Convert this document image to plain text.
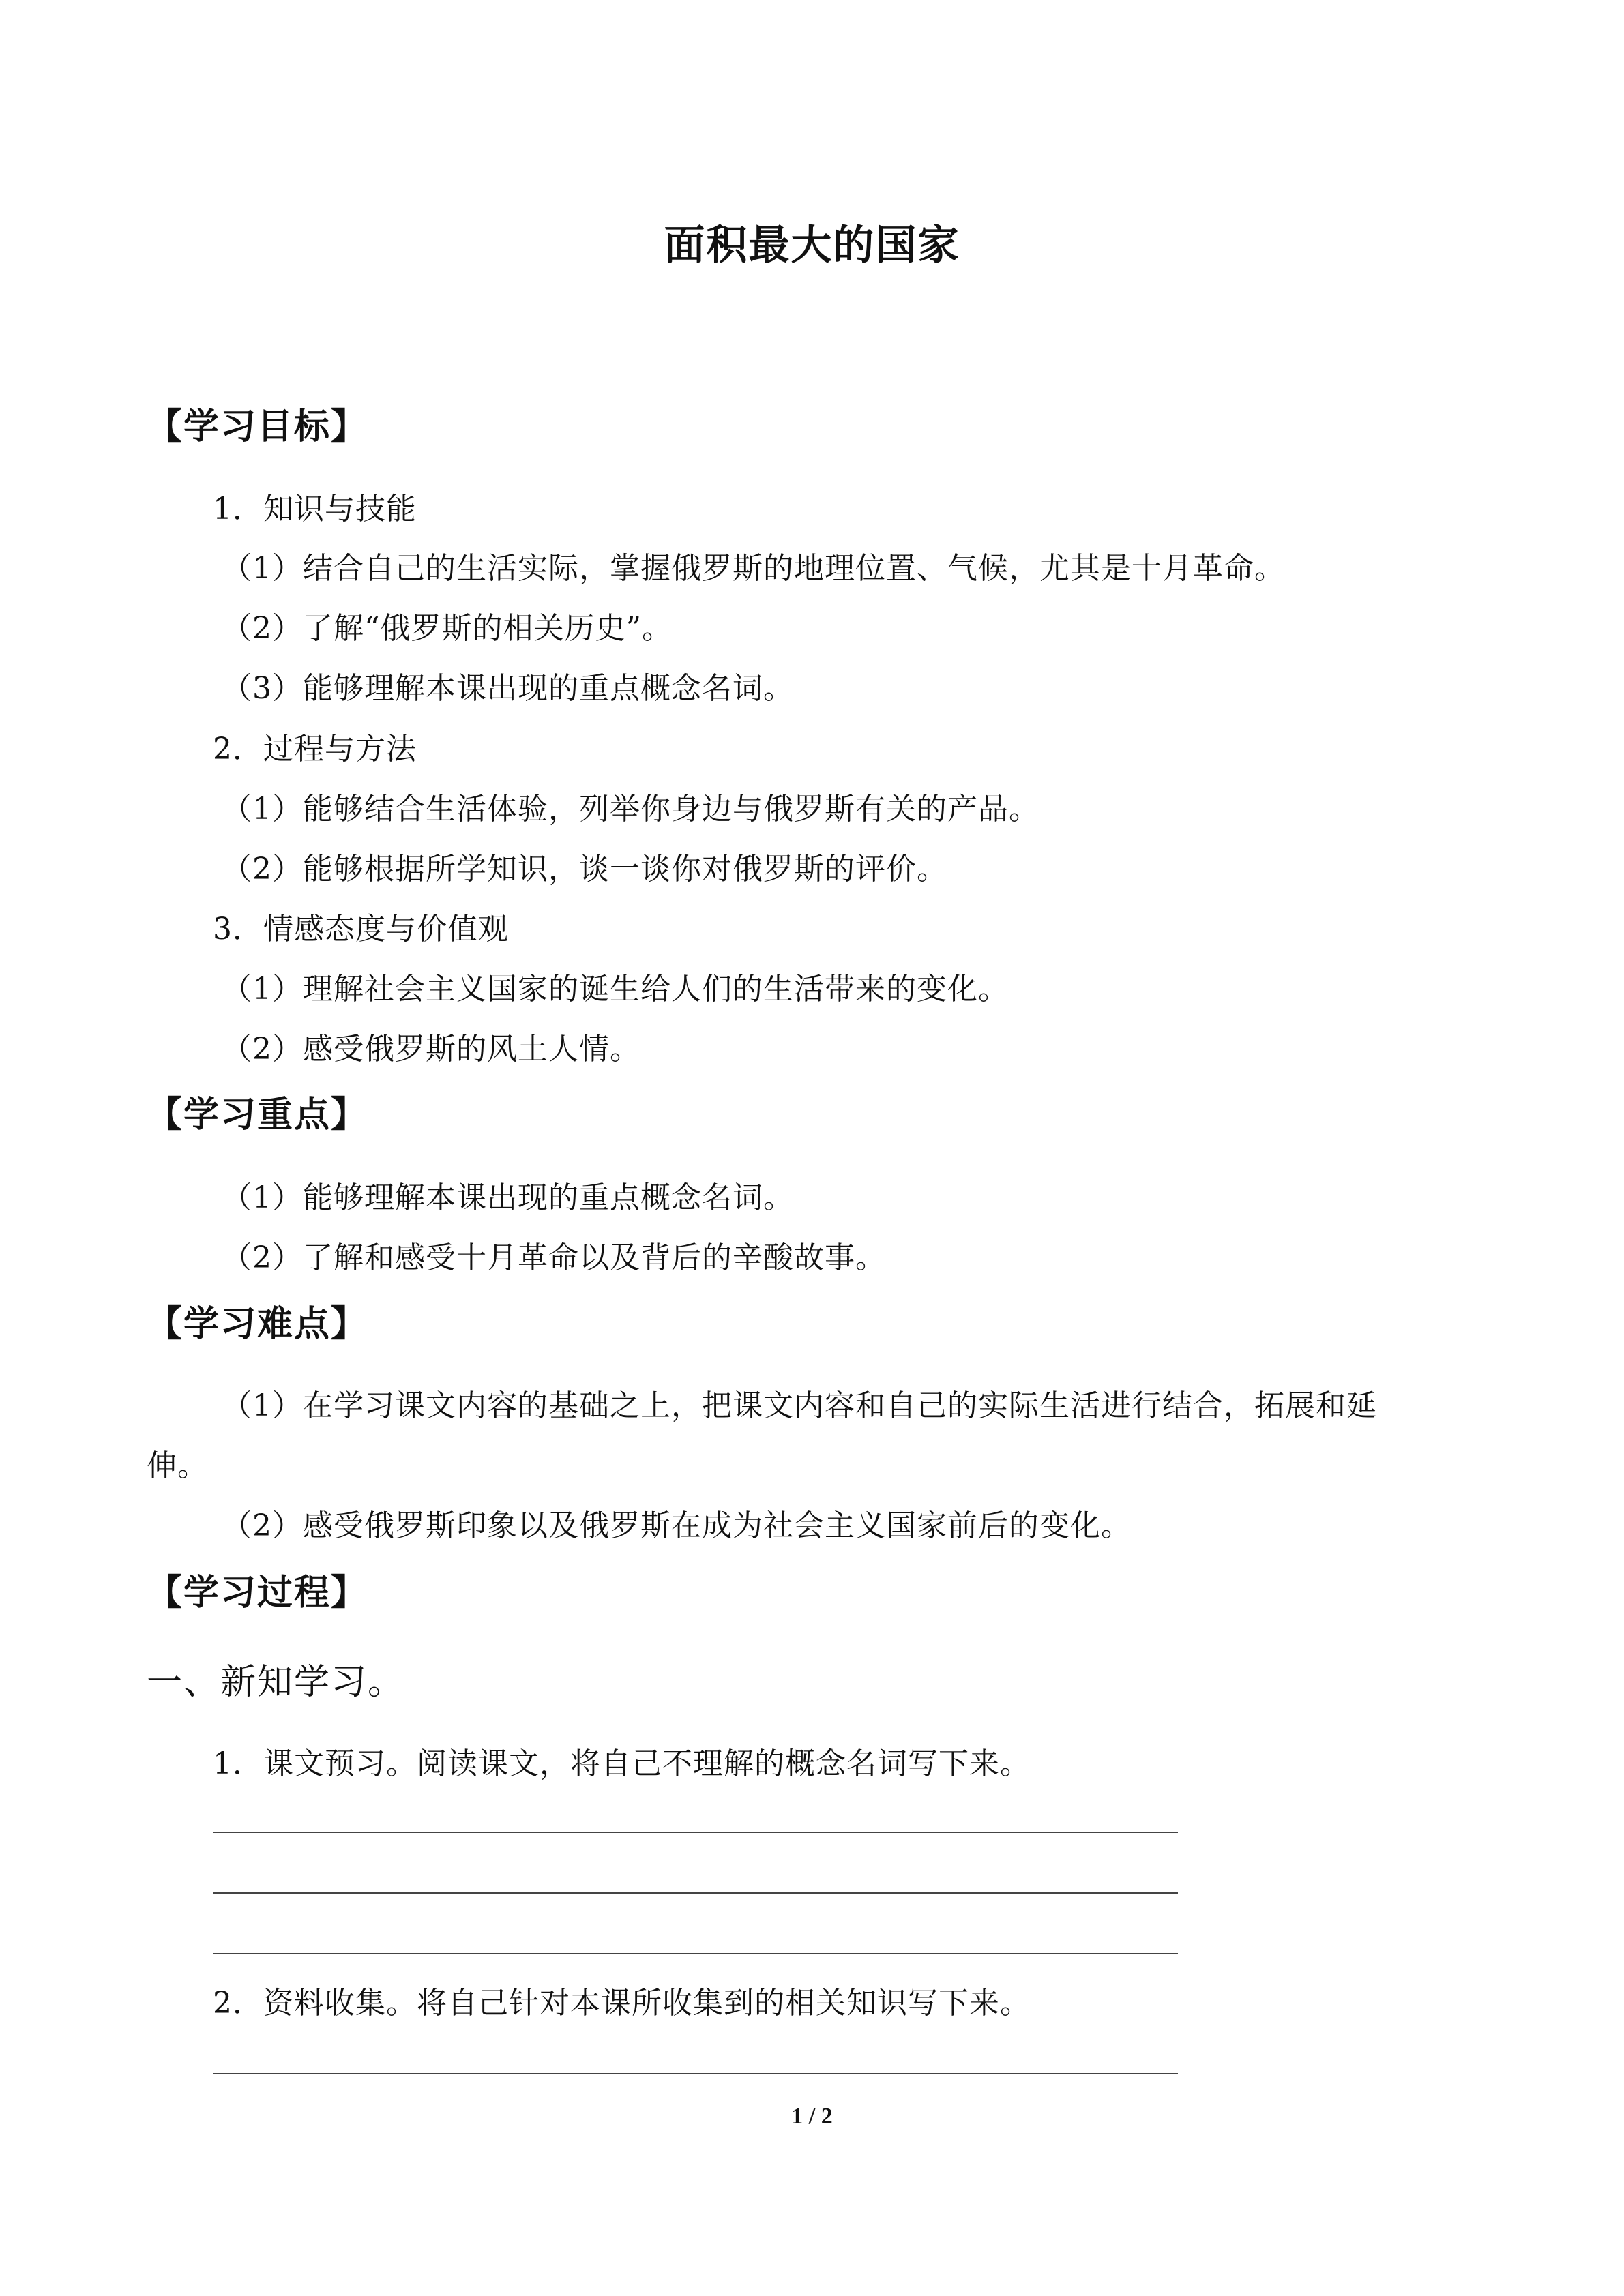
面积最大的国家
【学习目标】
1．知识与技能
（1）结合自己的生活实际，掌握俄罗斯的地理位置、气候，尤其是十月革命。
（2）了解“俄罗斯的相关历史”。
（3）能够理解本课出现的重点概念名词。
2．过程与方法
（1）能够结合生活体验，列举你身边与俄罗斯有关的产品。
（2）能够根据所学知识，谈一谈你对俄罗斯的评价。
3．情感态度与价值观
（1）理解社会主义国家的诞生给人们的生活带来的变化。
（2）感受俄罗斯的风土人情。
【学习重点】
（1）能够理解本课出现的重点概念名词。
（2）了解和感受十月革命以及背后的辛酸故事。
【学习难点】
（1）在学习课文内容的基础之上，把课文内容和自己的实际生活进行结合，拓展和延
伸。
（2）感受俄罗斯印象以及俄罗斯在成为社会主义国家前后的变化。
【学习过程】
一、新知学习。
1．课文预习。阅读课文，将自己不理解的概念名词写下来。
2．资料收集。将自己针对本课所收集到的相关知识写下来。
1 / 2
